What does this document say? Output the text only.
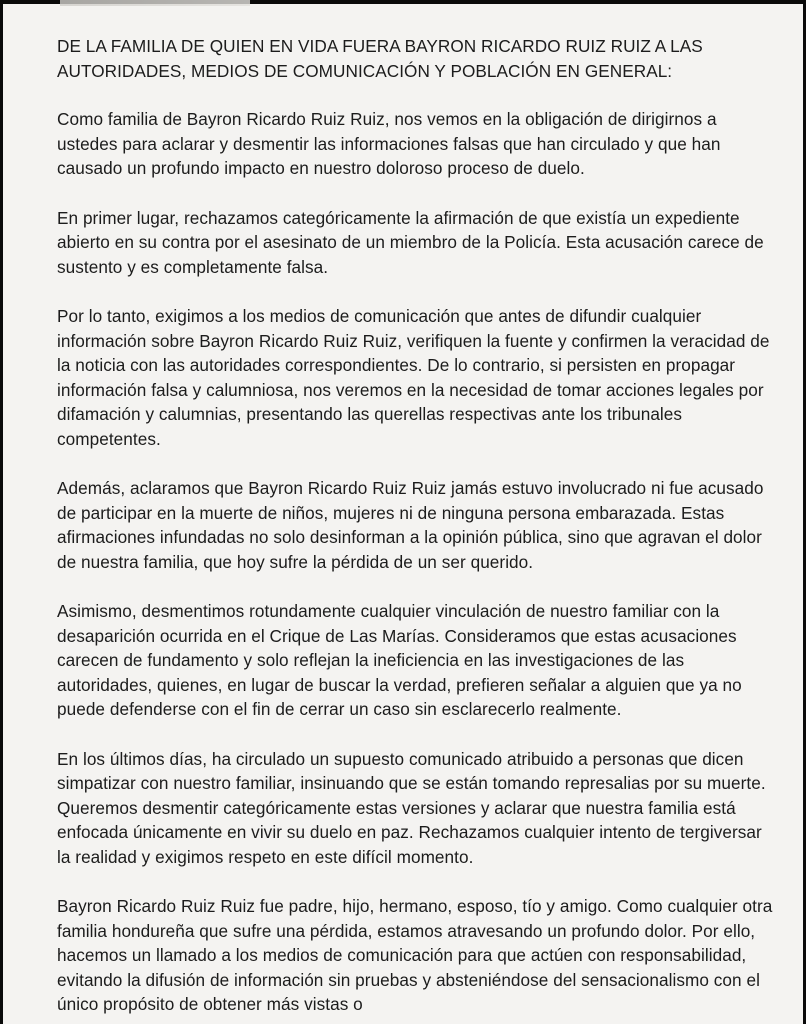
DE LA FAMILIA DE QUIEN EN VIDA FUERA BAYRON RICARDO RUIZ RUIZ A LAS AUTORIDADES, MEDIOS DE COMUNICACIÓN Y POBLACIÓN EN GENERAL:

Como familia de Bayron Ricardo Ruiz Ruiz, nos vemos en la obligación de dirigirnos a ustedes para aclarar y desmentir las informaciones falsas que han circulado y que han causado un profundo impacto en nuestro doloroso proceso de duelo.

En primer lugar, rechazamos categóricamente la afirmación de que existía un expediente abierto en su contra por el asesinato de un miembro de la Policía. Esta acusación carece de sustento y es completamente falsa.

Por lo tanto, exigimos a los medios de comunicación que antes de difundir cualquier información sobre Bayron Ricardo Ruiz Ruiz, verifiquen la fuente y confirmen la veracidad de la noticia con las autoridades correspondientes. De lo contrario, si persisten en propagar información falsa y calumniosa, nos veremos en la necesidad de tomar acciones legales por difamación y calumnias, presentando las querellas respectivas ante los tribunales competentes.

Además, aclaramos que Bayron Ricardo Ruiz Ruiz jamás estuvo involucrado ni fue acusado de participar en la muerte de niños, mujeres ni de ninguna persona embarazada. Estas afirmaciones infundadas no solo desinforman a la opinión pública, sino que agravan el dolor de nuestra familia, que hoy sufre la pérdida de un ser querido.

Asimismo, desmentimos rotundamente cualquier vinculación de nuestro familiar con la desaparición ocurrida en el Crique de Las Marías. Consideramos que estas acusaciones carecen de fundamento y solo reflejan la ineficiencia en las investigaciones de las autoridades, quienes, en lugar de buscar la verdad, prefieren señalar a alguien que ya no puede defenderse con el fin de cerrar un caso sin esclarecerlo realmente.

En los últimos días, ha circulado un supuesto comunicado atribuido a personas que dicen simpatizar con nuestro familiar, insinuando que se están tomando represalias por su muerte. Queremos desmentir categóricamente estas versiones y aclarar que nuestra familia está enfocada únicamente en vivir su duelo en paz. Rechazamos cualquier intento de tergiversar la realidad y exigimos respeto en este difícil momento.

Bayron Ricardo Ruiz Ruiz fue padre, hijo, hermano, esposo, tío y amigo. Como cualquier otra familia hondureña que sufre una pérdida, estamos atravesando un profundo dolor. Por ello, hacemos un llamado a los medios de comunicación para que actúen con responsabilidad, evitando la difusión de información sin pruebas y absteniéndose del sensacionalismo con el único propósito de obtener más vistas o
